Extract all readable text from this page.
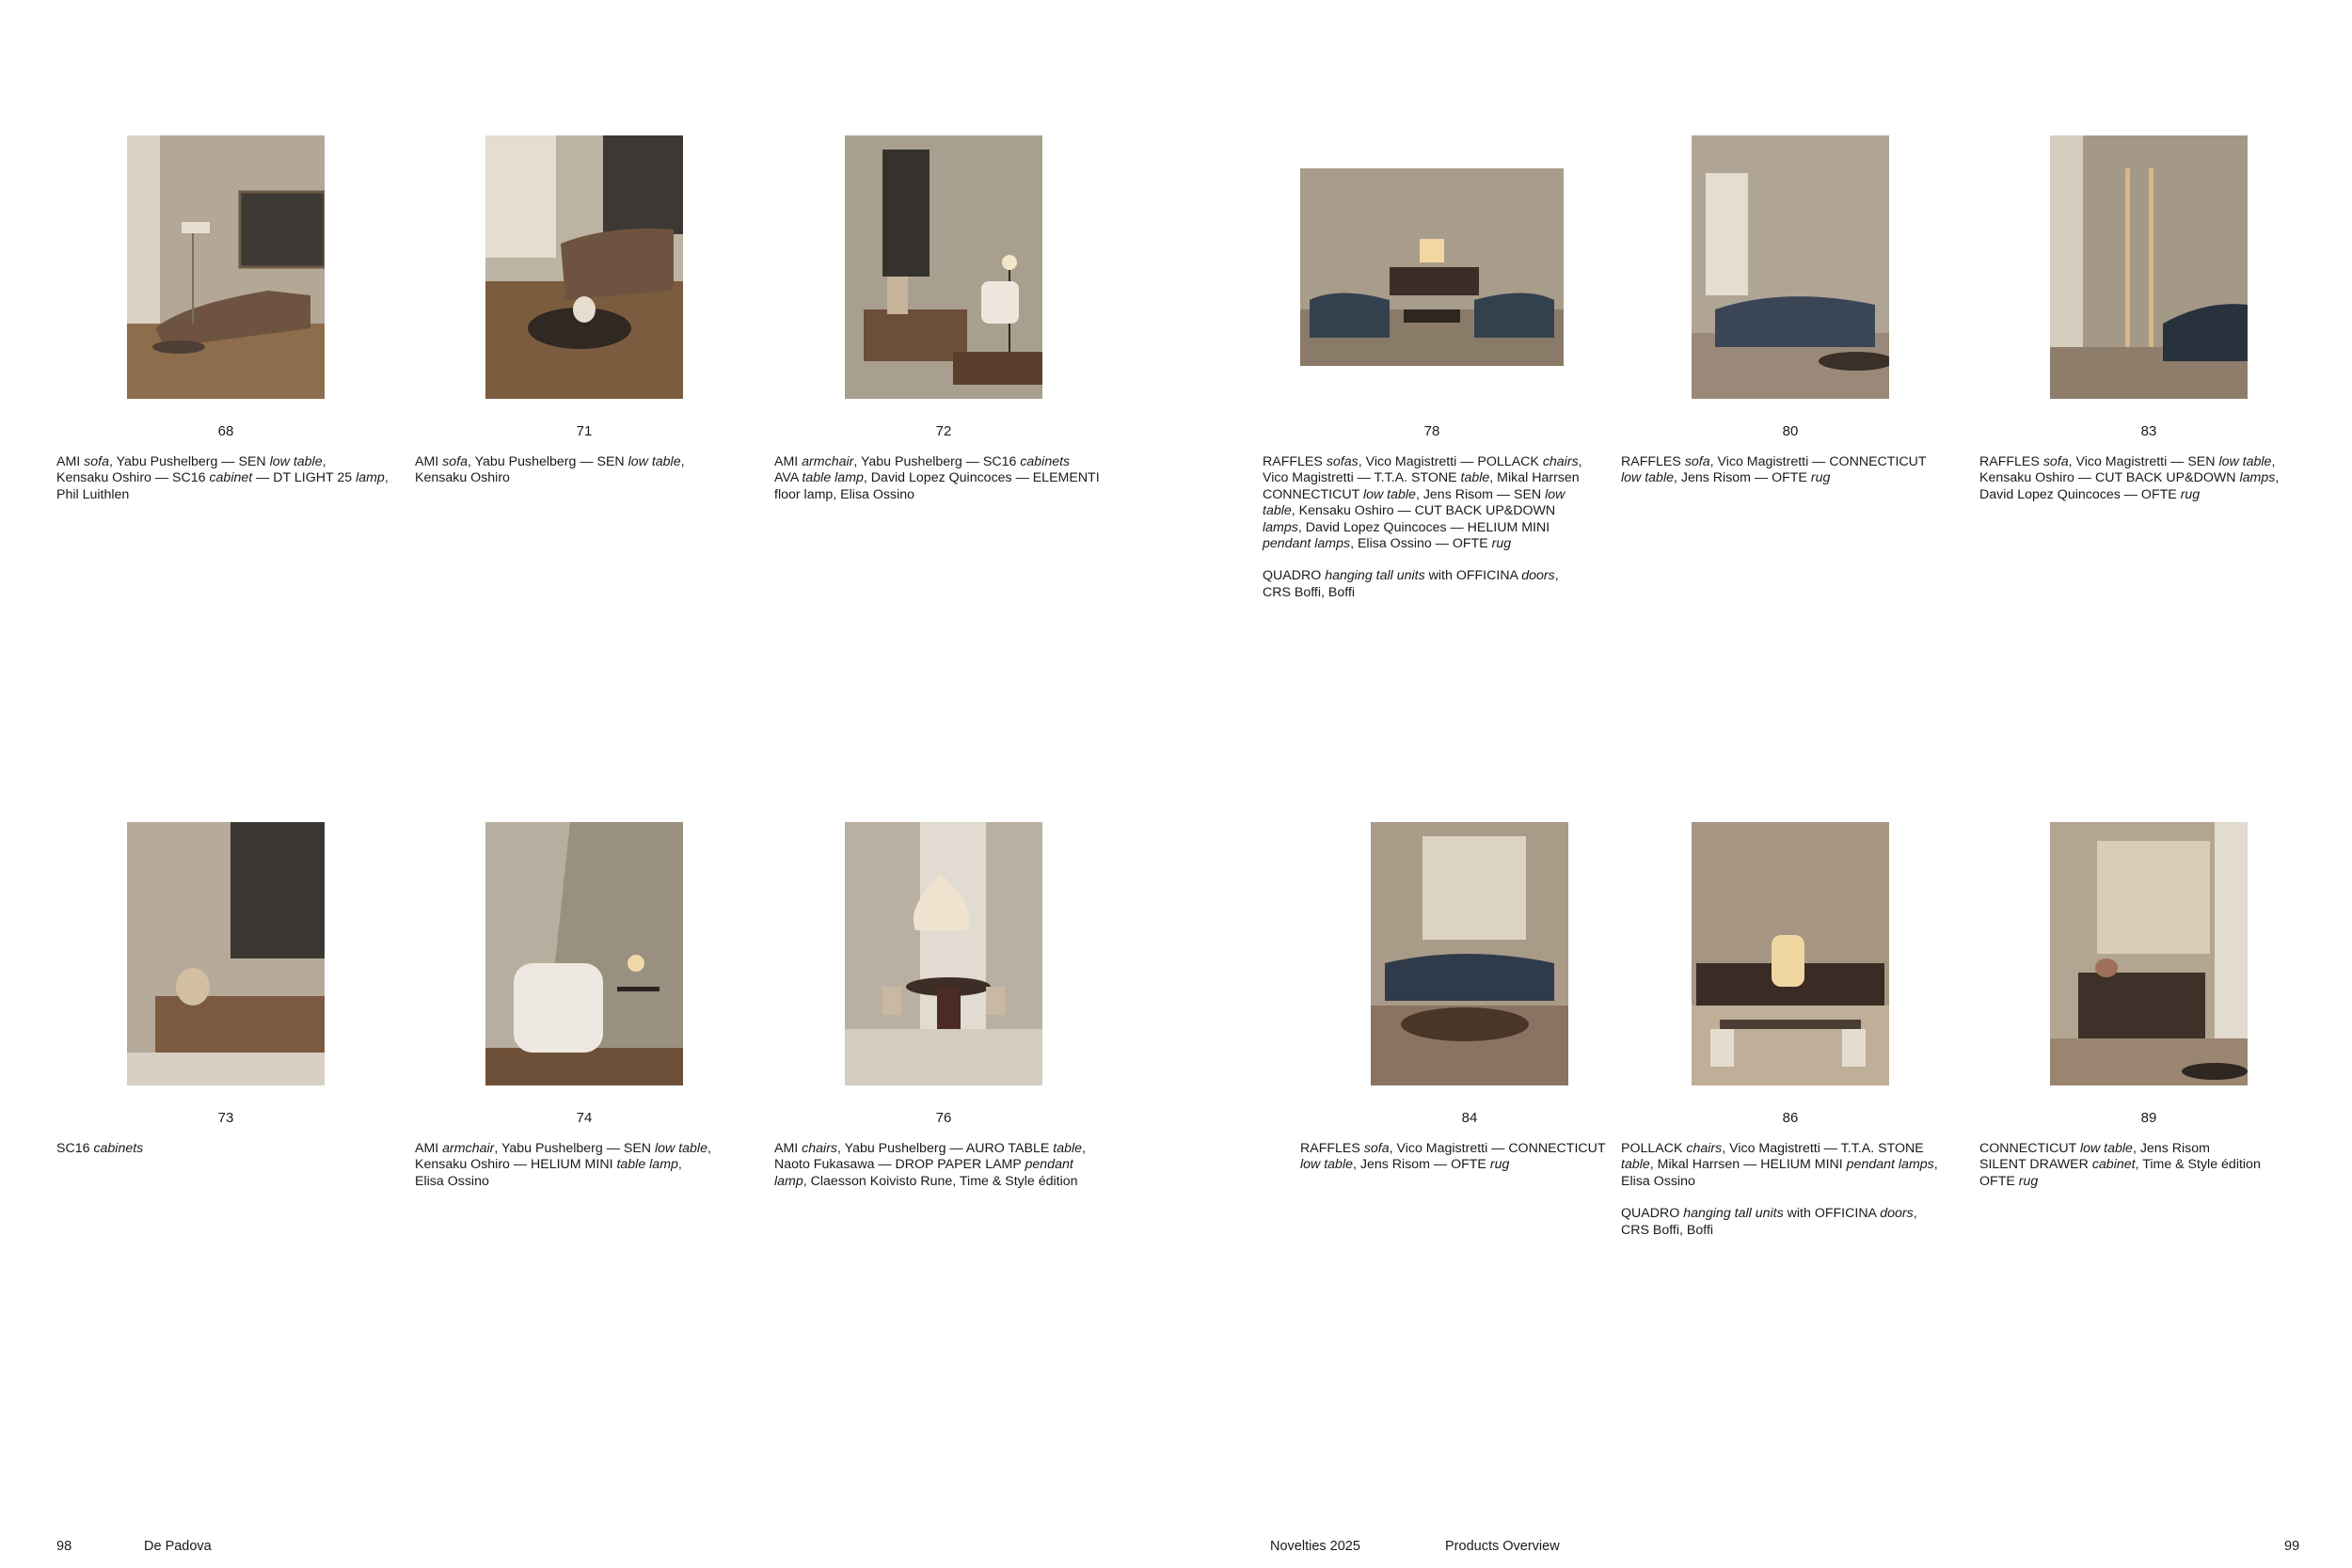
98	De Padova	Novelties 2025	Products Overview	99
68
AMI sofa, Yabu Pushelberg — SEN low table,
Kensaku Oshiro — SC16 cabinet — DT LIGHT 25 lamp,
Phil Luithlen
71
AMI sofa, Yabu Pushelberg — SEN low table,
Kensaku Oshiro
72
AMI armchair, Yabu Pushelberg — SC16 cabinets
AVA table lamp, David Lopez Quincoces — ELEMENTI
floor lamp, Elisa Ossino
78
RAFFLES sofas, Vico Magistretti — POLLACK chairs,
Vico Magistretti — T.T.A. STONE table, Mikal Harrsen
CONNECTICUT low table, Jens Risom — SEN low
table, Kensaku Oshiro — CUT BACK UP&DOWN
lamps, David Lopez Quincoces — HELIUM MINI
pendant lamps, Elisa Ossino — OFTE rug
QUADRO hanging tall units with OFFICINA doors,
CRS Boffi, Boffi
80
RAFFLES sofa, Vico Magistretti — CONNECTICUT
low table, Jens Risom — OFTE rug
83
RAFFLES sofa, Vico Magistretti — SEN low table,
Kensaku Oshiro — CUT BACK UP&DOWN lamps,
David Lopez Quincoces — OFTE rug
73
SC16 cabinets
74
AMI armchair, Yabu Pushelberg — SEN low table,
Kensaku Oshiro — HELIUM MINI table lamp,
Elisa Ossino
76
AMI chairs, Yabu Pushelberg — AURO TABLE table,
Naoto Fukasawa — DROP PAPER LAMP pendant
lamp, Claesson Koivisto Rune, Time & Style édition
84
RAFFLES sofa, Vico Magistretti — CONNECTICUT
low table, Jens Risom — OFTE rug
86
POLLACK chairs, Vico Magistretti — T.T.A. STONE
table, Mikal Harrsen — HELIUM MINI pendant lamps,
Elisa Ossino
QUADRO hanging tall units with OFFICINA doors,
CRS Boffi, Boffi
89
CONNECTICUT low table, Jens Risom
SILENT DRAWER cabinet, Time & Style édition
OFTE rug
